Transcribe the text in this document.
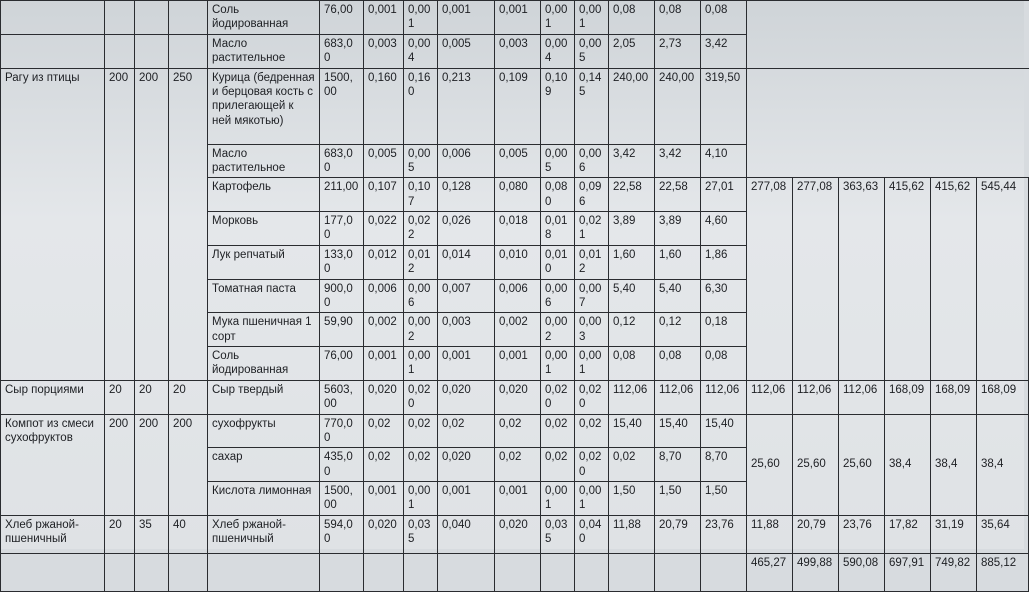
				Соль йодированная	76,00	0,001	0,001	0,001	0,001	0,001	0,001	0,08	0,08	0,08						
				Масло растительное	683,00	0,003	0,004	0,005	0,003	0,004	0,005	2,05	2,73	3,42						
Рагу из птицы	200	200	250	Курица (бедренная и берцовая кость с прилегающей к ней мякотью)	1500,00	0,160	0,160	0,213	0,109	0,109	0,145	240,00	240,00	319,50						
				Масло растительное	683,00	0,005	0,005	0,006	0,005	0,005	0,006	3,42	3,42	4,10						
				Картофель	211,00	0,107	0,107	0,128	0,080	0,080	0,096	22,58	22,58	27,01	277,08	277,08	363,63	415,62	415,62	545,44
				Морковь	177,00	0,022	0,022	0,026	0,018	0,018	0,021	3,89	3,89	4,60						
				Лук репчатый	133,00	0,012	0,012	0,014	0,010	0,010	0,012	1,60	1,60	1,86						
				Томатная паста	900,00	0,006	0,006	0,007	0,006	0,006	0,007	5,40	5,40	6,30						
				Мука пшеничная 1 сорт	59,90	0,002	0,002	0,003	0,002	0,002	0,003	0,12	0,12	0,18						
				Соль йодированная	76,00	0,001	0,001	0,001	0,001	0,001	0,001	0,08	0,08	0,08						
Сыр порциями	20	20	20	Сыр твердый	5603,00	0,020	0,020	0,020	0,020	0,020	0,020	112,06	112,06	112,06	112,06	112,06	112,06	168,09	168,09	168,09
Компот из смеси сухофруктов	200	200	200	сухофрукты	770,00	0,02	0,02	0,02	0,02	0,02	0,02	15,40	15,40	15,40	25,60	25,60	25,60	38,4	38,4	38,4
				сахар	435,00	0,02	0,02	0,020	0,02	0,02	0,020	0,02	8,70	8,70						
				Кислота лимонная	1500,00	0,001	0,001	0,001	0,001	0,001	0,001	1,50	1,50	1,50						
Хлеб ржаной-пшеничный	20	35	40	Хлеб ржаной-пшеничный	594,00	0,020	0,035	0,040	0,020	0,035	0,040	11,88	20,79	23,76	11,88	20,79	23,76	17,82	31,19	35,64
															465,27	499,88	590,08	697,91	749,82	885,12
